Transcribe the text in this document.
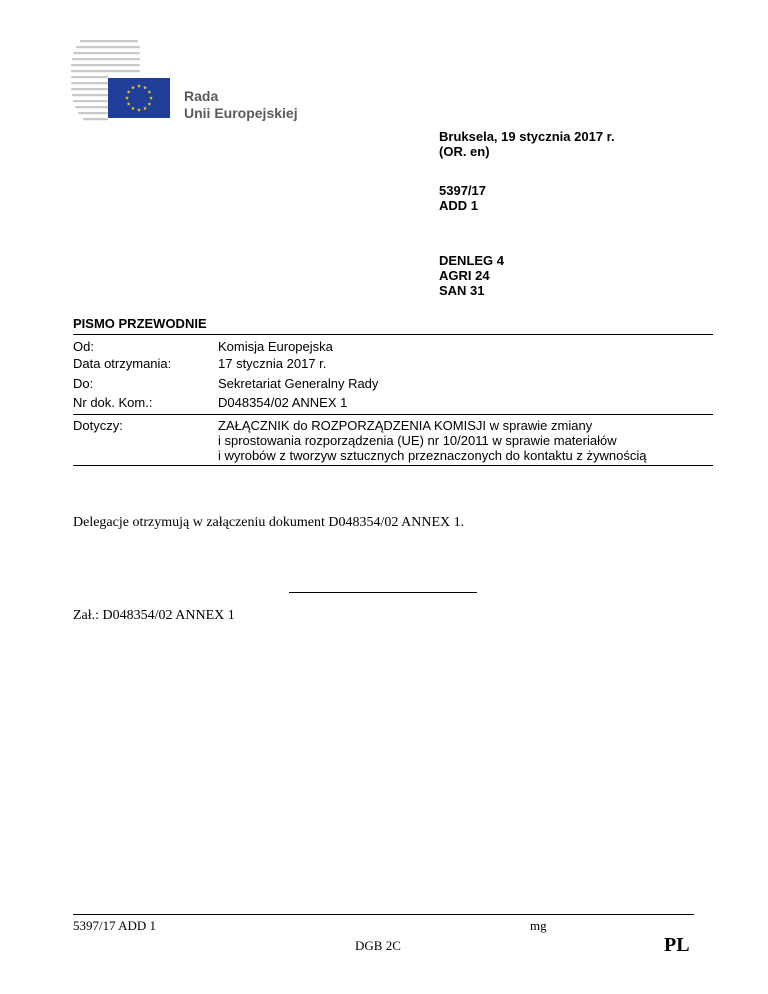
Rada
Unii Europejskiej
Bruksela, 19 stycznia 2017 r.
(OR. en)
5397/17
ADD 1
DENLEG 4
AGRI 24
SAN 31
PISMO PRZEWODNIE
Od:	Komisja Europejska
Data otrzymania:	17 stycznia 2017 r.
Do:	Sekretariat Generalny Rady
Nr dok. Kom.:	D048354/02 ANNEX 1
Dotyczy:	ZAŁĄCZNIK do ROZPORZĄDZENIA KOMISJI w sprawie zmiany
i sprostowania rozporządzenia (UE) nr 10/2011 w sprawie materiałów
i wyrobów z tworzyw sztucznych przeznaczonych do kontaktu z żywnością
Delegacje otrzymują w załączeniu dokument D048354/02 ANNEX 1.
Zał.: D048354/02 ANNEX 1
5397/17 ADD 1	mg
DGB 2C	PL
